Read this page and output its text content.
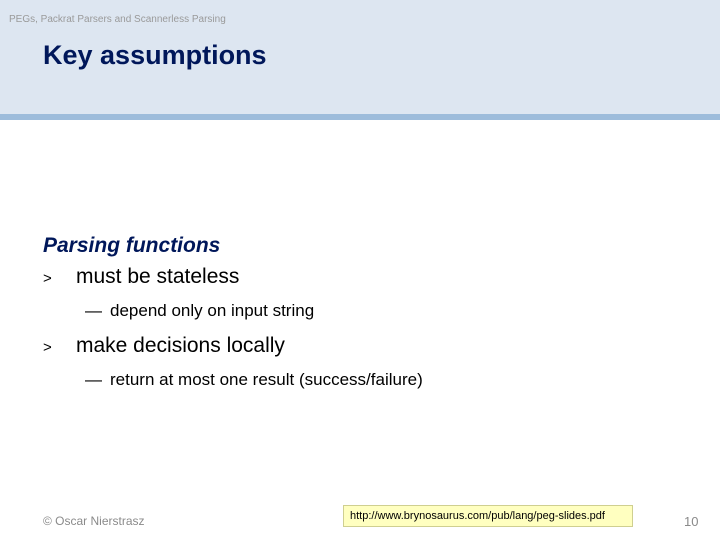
PEGs, Packrat Parsers and Scannerless Parsing
Key assumptions
Parsing functions
>	must be stateless
— depend only on input string
>	make decisions locally
— return at most one result (success/failure)
© Oscar Nierstrasz	http://www.brynosaurus.com/pub/lang/peg-slides.pdf	10
